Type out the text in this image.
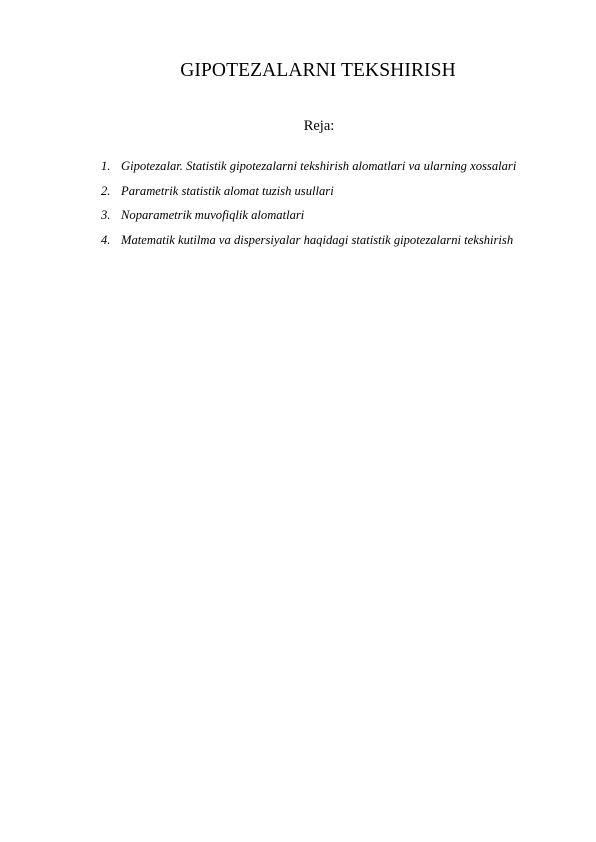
GIPOTEZALARNI TEKSHIRISH

Reja:

1. Gipotezalar. Statistik gipotezalarni tekshirish alomatlari va ularning xossalari
2. Parametrik statistik alomat tuzish usullari
3. Noparametrik muvofiqlik alomatlari
4. Matematik kutilma va dispersiyalar haqidagi statistik gipotezalarni tekshirish
